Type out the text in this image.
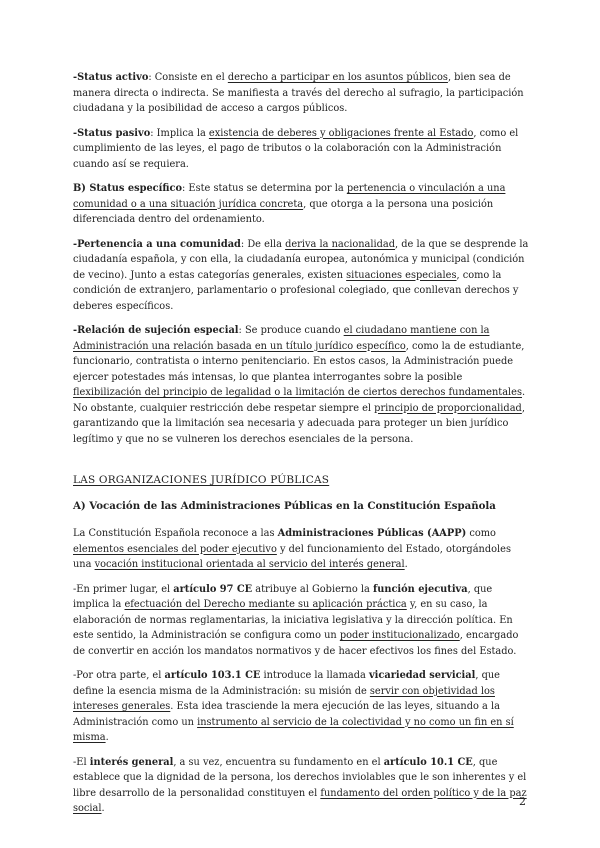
-Status activo: Consiste en el derecho a participar en los asuntos públicos, bien sea de manera directa o indirecta. Se manifiesta a través del derecho al sufragio, la participación ciudadana y la posibilidad de acceso a cargos públicos.

-Status pasivo: Implica la existencia de deberes y obligaciones frente al Estado, como el cumplimiento de las leyes, el pago de tributos o la colaboración con la Administración cuando así se requiera.

B) Status específico: Este status se determina por la pertenencia o vinculación a una comunidad o a una situación jurídica concreta, que otorga a la persona una posición diferenciada dentro del ordenamiento.

-Pertenencia a una comunidad: De ella deriva la nacionalidad, de la que se desprende la ciudadanía española, y con ella, la ciudadanía europea, autonómica y municipal (condición de vecino). Junto a estas categorías generales, existen situaciones especiales, como la condición de extranjero, parlamentario o profesional colegiado, que conllevan derechos y deberes específicos.

-Relación de sujeción especial: Se produce cuando el ciudadano mantiene con la Administración una relación basada en un título jurídico específico, como la de estudiante, funcionario, contratista o interno penitenciario. En estos casos, la Administración puede ejercer potestades más intensas, lo que plantea interrogantes sobre la posible flexibilización del principio de legalidad o la limitación de ciertos derechos fundamentales. No obstante, cualquier restricción debe respetar siempre el principio de proporcionalidad, garantizando que la limitación sea necesaria y adecuada para proteger un bien jurídico legítimo y que no se vulneren los derechos esenciales de la persona.

LAS ORGANIZACIONES JURÍDICO PÚBLICAS
A) Vocación de las Administraciones Públicas en la Constitución Española

La Constitución Española reconoce a las Administraciones Públicas (AAPP) como elementos esenciales del poder ejecutivo y del funcionamiento del Estado, otorgándoles una vocación institucional orientada al servicio del interés general.

-En primer lugar, el artículo 97 CE atribuye al Gobierno la función ejecutiva, que implica la efectuación del Derecho mediante su aplicación práctica y, en su caso, la elaboración de normas reglamentarias, la iniciativa legislativa y la dirección política. En este sentido, la Administración se configura como un poder institucionalizado, encargado de convertir en acción los mandatos normativos y de hacer efectivos los fines del Estado.

-Por otra parte, el artículo 103.1 CE introduce la llamada vicariedad servicial, que define la esencia misma de la Administración: su misión de servir con objetividad los intereses generales. Esta idea trasciende la mera ejecución de las leyes, situando a la Administración como un instrumento al servicio de la colectividad y no como un fin en sí misma.

-El interés general, a su vez, encuentra su fundamento en el artículo 10.1 CE, que establece que la dignidad de la persona, los derechos inviolables que le son inherentes y el libre desarrollo de la personalidad constituyen el fundamento del orden político y de la paz social.

2
